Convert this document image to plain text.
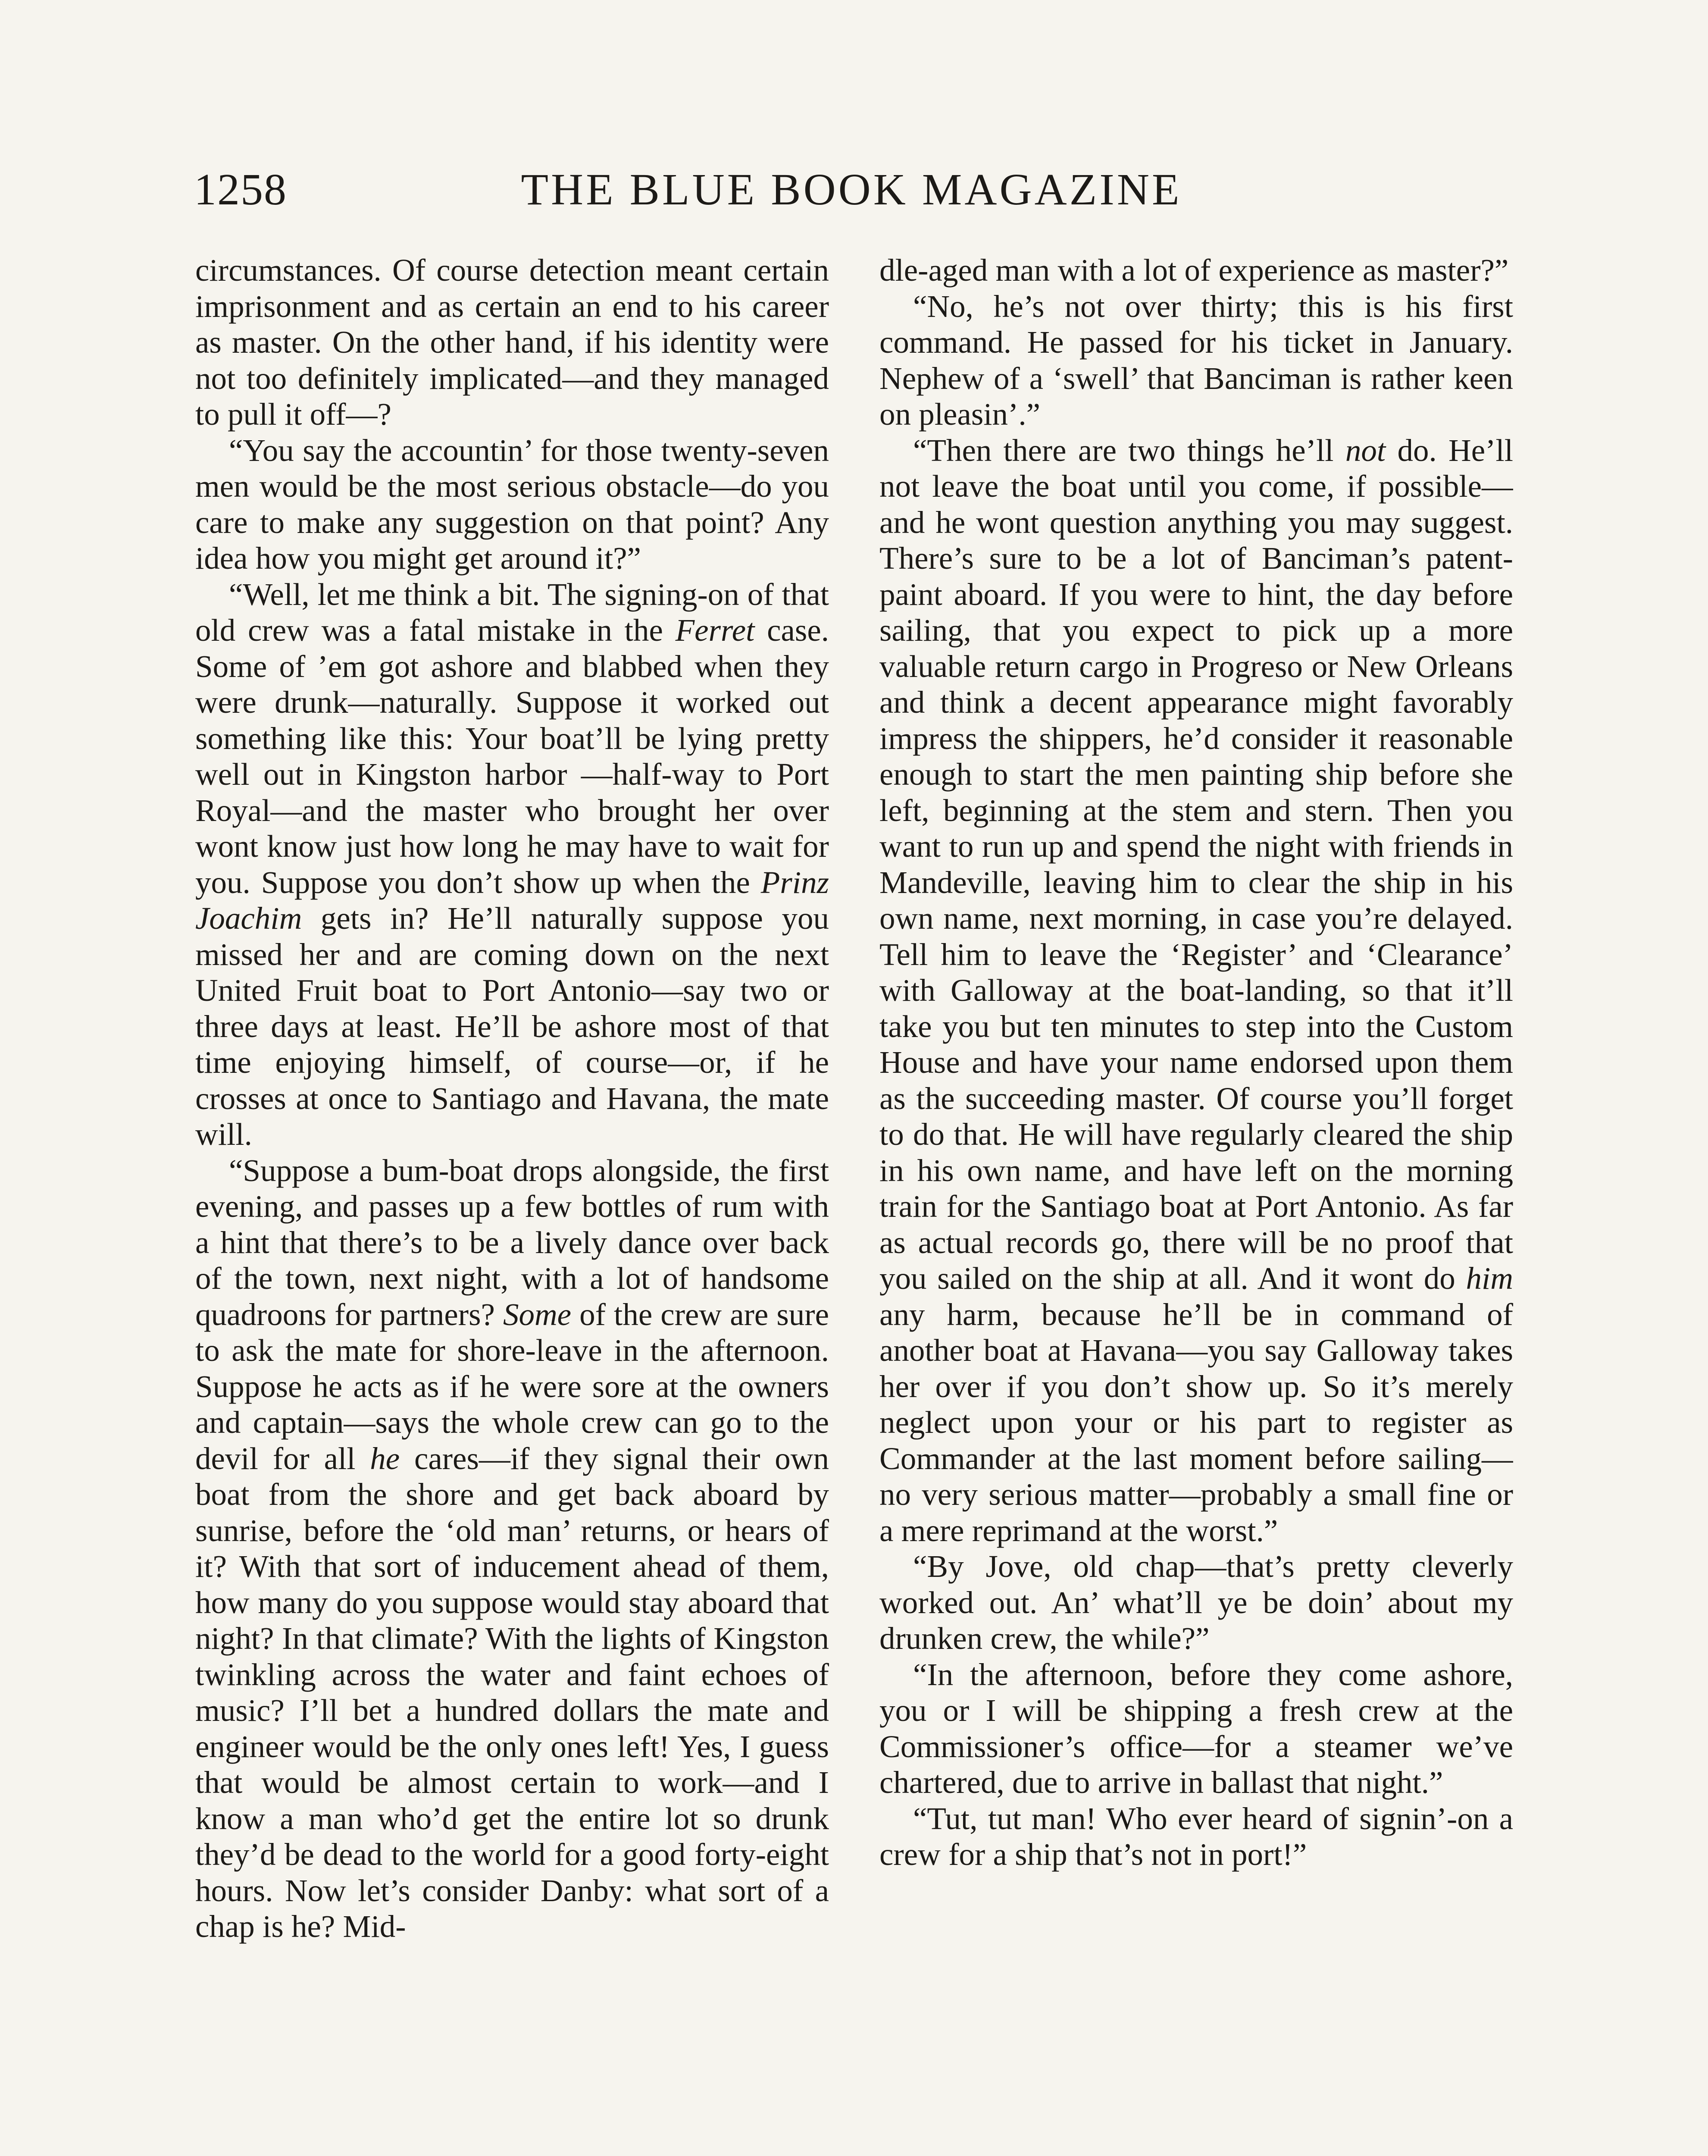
1258	THE BLUE BOOK MAGAZINE

circumstances. Of course detection meant certain imprisonment and as certain an end to his career as master. On the other hand, if his identity were not too definitely implicated—and they managed to pull it off—?

“You say the accountin’ for those twenty-seven men would be the most serious obstacle—do you care to make any suggestion on that point? Any idea how you might get around it?”

“Well, let me think a bit. The signing-on of that old crew was a fatal mistake in the Ferret case. Some of ’em got ashore and blabbed when they were drunk—naturally. Suppose it worked out something like this: Your boat’ll be lying pretty well out in Kingston harbor —half-way to Port Royal—and the master who brought her over wont know just how long he may have to wait for you. Suppose you don’t show up when the Prinz Joachim gets in? He’ll naturally suppose you missed her and are coming down on the next United Fruit boat to Port Antonio—say two or three days at least. He’ll be ashore most of that time enjoying himself, of course—or, if he crosses at once to Santiago and Havana, the mate will.

“Suppose a bum-boat drops alongside, the first evening, and passes up a few bottles of rum with a hint that there’s to be a lively dance over back of the town, next night, with a lot of handsome quadroons for partners? Some of the crew are sure to ask the mate for shore-leave in the afternoon. Suppose he acts as if he were sore at the owners and captain—says the whole crew can go to the devil for all he cares—if they signal their own boat from the shore and get back aboard by sunrise, before the ‘old man’ returns, or hears of it? With that sort of inducement ahead of them, how many do you suppose would stay aboard that night? In that climate? With the lights of Kingston twinkling across the water and faint echoes of music? I’ll bet a hundred dollars the mate and engineer would be the only ones left! Yes, I guess that would be almost certain to work—and I know a man who’d get the entire lot so drunk they’d be dead to the world for a good forty-eight hours. Now let’s consider Danby: what sort of a chap is he? Mid-

dle-aged man with a lot of experience as master?”

“No, he’s not over thirty; this is his first command. He passed for his ticket in January. Nephew of a ‘swell’ that Banciman is rather keen on pleasin’.”

“Then there are two things he’ll not do. He’ll not leave the boat until you come, if possible—and he wont question anything you may suggest. There’s sure to be a lot of Banciman’s patent-paint aboard. If you were to hint, the day before sailing, that you expect to pick up a more valuable return cargo in Progreso or New Orleans and think a decent appearance might favorably impress the shippers, he’d consider it reasonable enough to start the men painting ship before she left, beginning at the stem and stern. Then you want to run up and spend the night with friends in Mandeville, leaving him to clear the ship in his own name, next morning, in case you’re delayed. Tell him to leave the ‘Register’ and ‘Clearance’ with Galloway at the boat-landing, so that it’ll take you but ten minutes to step into the Custom House and have your name endorsed upon them as the succeeding master. Of course you’ll forget to do that. He will have regularly cleared the ship in his own name, and have left on the morning train for the Santiago boat at Port Antonio. As far as actual records go, there will be no proof that you sailed on the ship at all. And it wont do him any harm, because he’ll be in command of another boat at Havana—you say Galloway takes her over if you don’t show up. So it’s merely neglect upon your or his part to register as Commander at the last moment before sailing—no very serious matter—probably a small fine or a mere reprimand at the worst.”

“By Jove, old chap—that’s pretty cleverly worked out. An’ what’ll ye be doin’ about my drunken crew, the while?”

“In the afternoon, before they come ashore, you or I will be shipping a fresh crew at the Commissioner’s office—for a steamer we’ve chartered, due to arrive in ballast that night.”

“Tut, tut man! Who ever heard of signin’-on a crew for a ship that’s not in port!”
